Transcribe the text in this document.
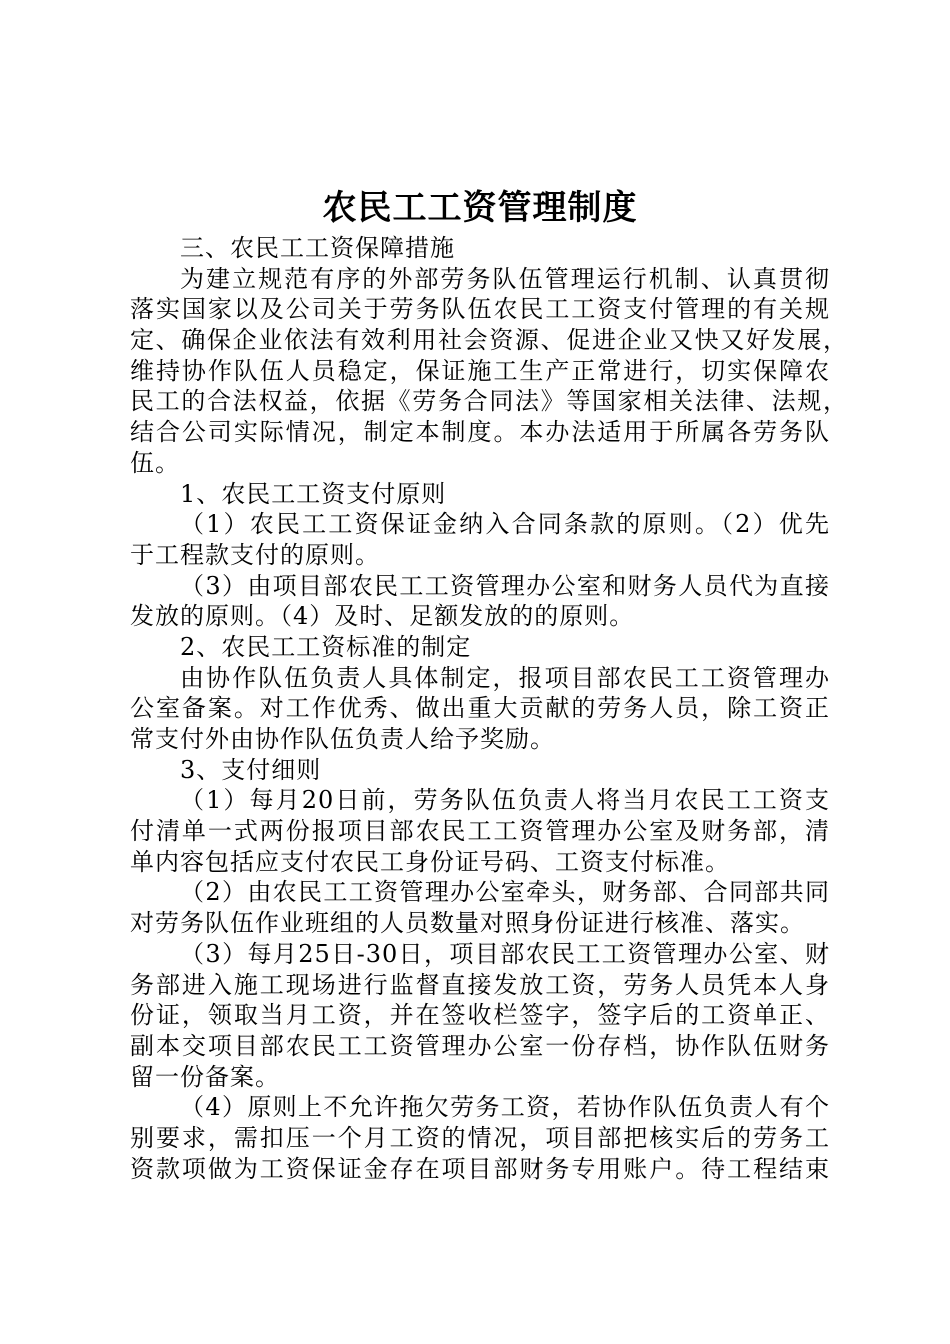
农民工工资管理制度
三、农民工工资保障措施
为建立规范有序的外部劳务队伍管理运行机制、认真贯彻
落实国家以及公司关于劳务队伍农民工工资支付管理的有关规
定、确保企业依法有效利用社会资源、促进企业又快又好发展，
维持协作队伍人员稳定，保证施工生产正常进行，切实保障农
民工的合法权益，依据《劳务合同法》等国家相关法律、法规，
结合公司实际情况，制定本制度。本办法适用于所属各劳务队
伍。
1、农民工工资支付原则
（1）农民工工资保证金纳入合同条款的原则。（2）优先
于工程款支付的原则。
（3）由项目部农民工工资管理办公室和财务人员代为直接
发放的原则。（4）及时、足额发放的的原则。
2、农民工工资标准的制定
由协作队伍负责人具体制定，报项目部农民工工资管理办
公室备案。对工作优秀、做出重大贡献的劳务人员，除工资正
常支付外由协作队伍负责人给予奖励。
3、支付细则
（1）每月20日前，劳务队伍负责人将当月农民工工资支
付清单一式两份报项目部农民工工资管理办公室及财务部，清
单内容包括应支付农民工身份证号码、工资支付标准。
（2）由农民工工资管理办公室牵头，财务部、合同部共同
对劳务队伍作业班组的人员数量对照身份证进行核准、落实。
（3）每月25日-30日，项目部农民工工资管理办公室、财
务部进入施工现场进行监督直接发放工资，劳务人员凭本人身
份证，领取当月工资，并在签收栏签字，签字后的工资单正、
副本交项目部农民工工资管理办公室一份存档，协作队伍财务
留一份备案。
（4）原则上不允许拖欠劳务工资，若协作队伍负责人有个
别要求，需扣压一个月工资的情况，项目部把核实后的劳务工
资款项做为工资保证金存在项目部财务专用账户。待工程结束
